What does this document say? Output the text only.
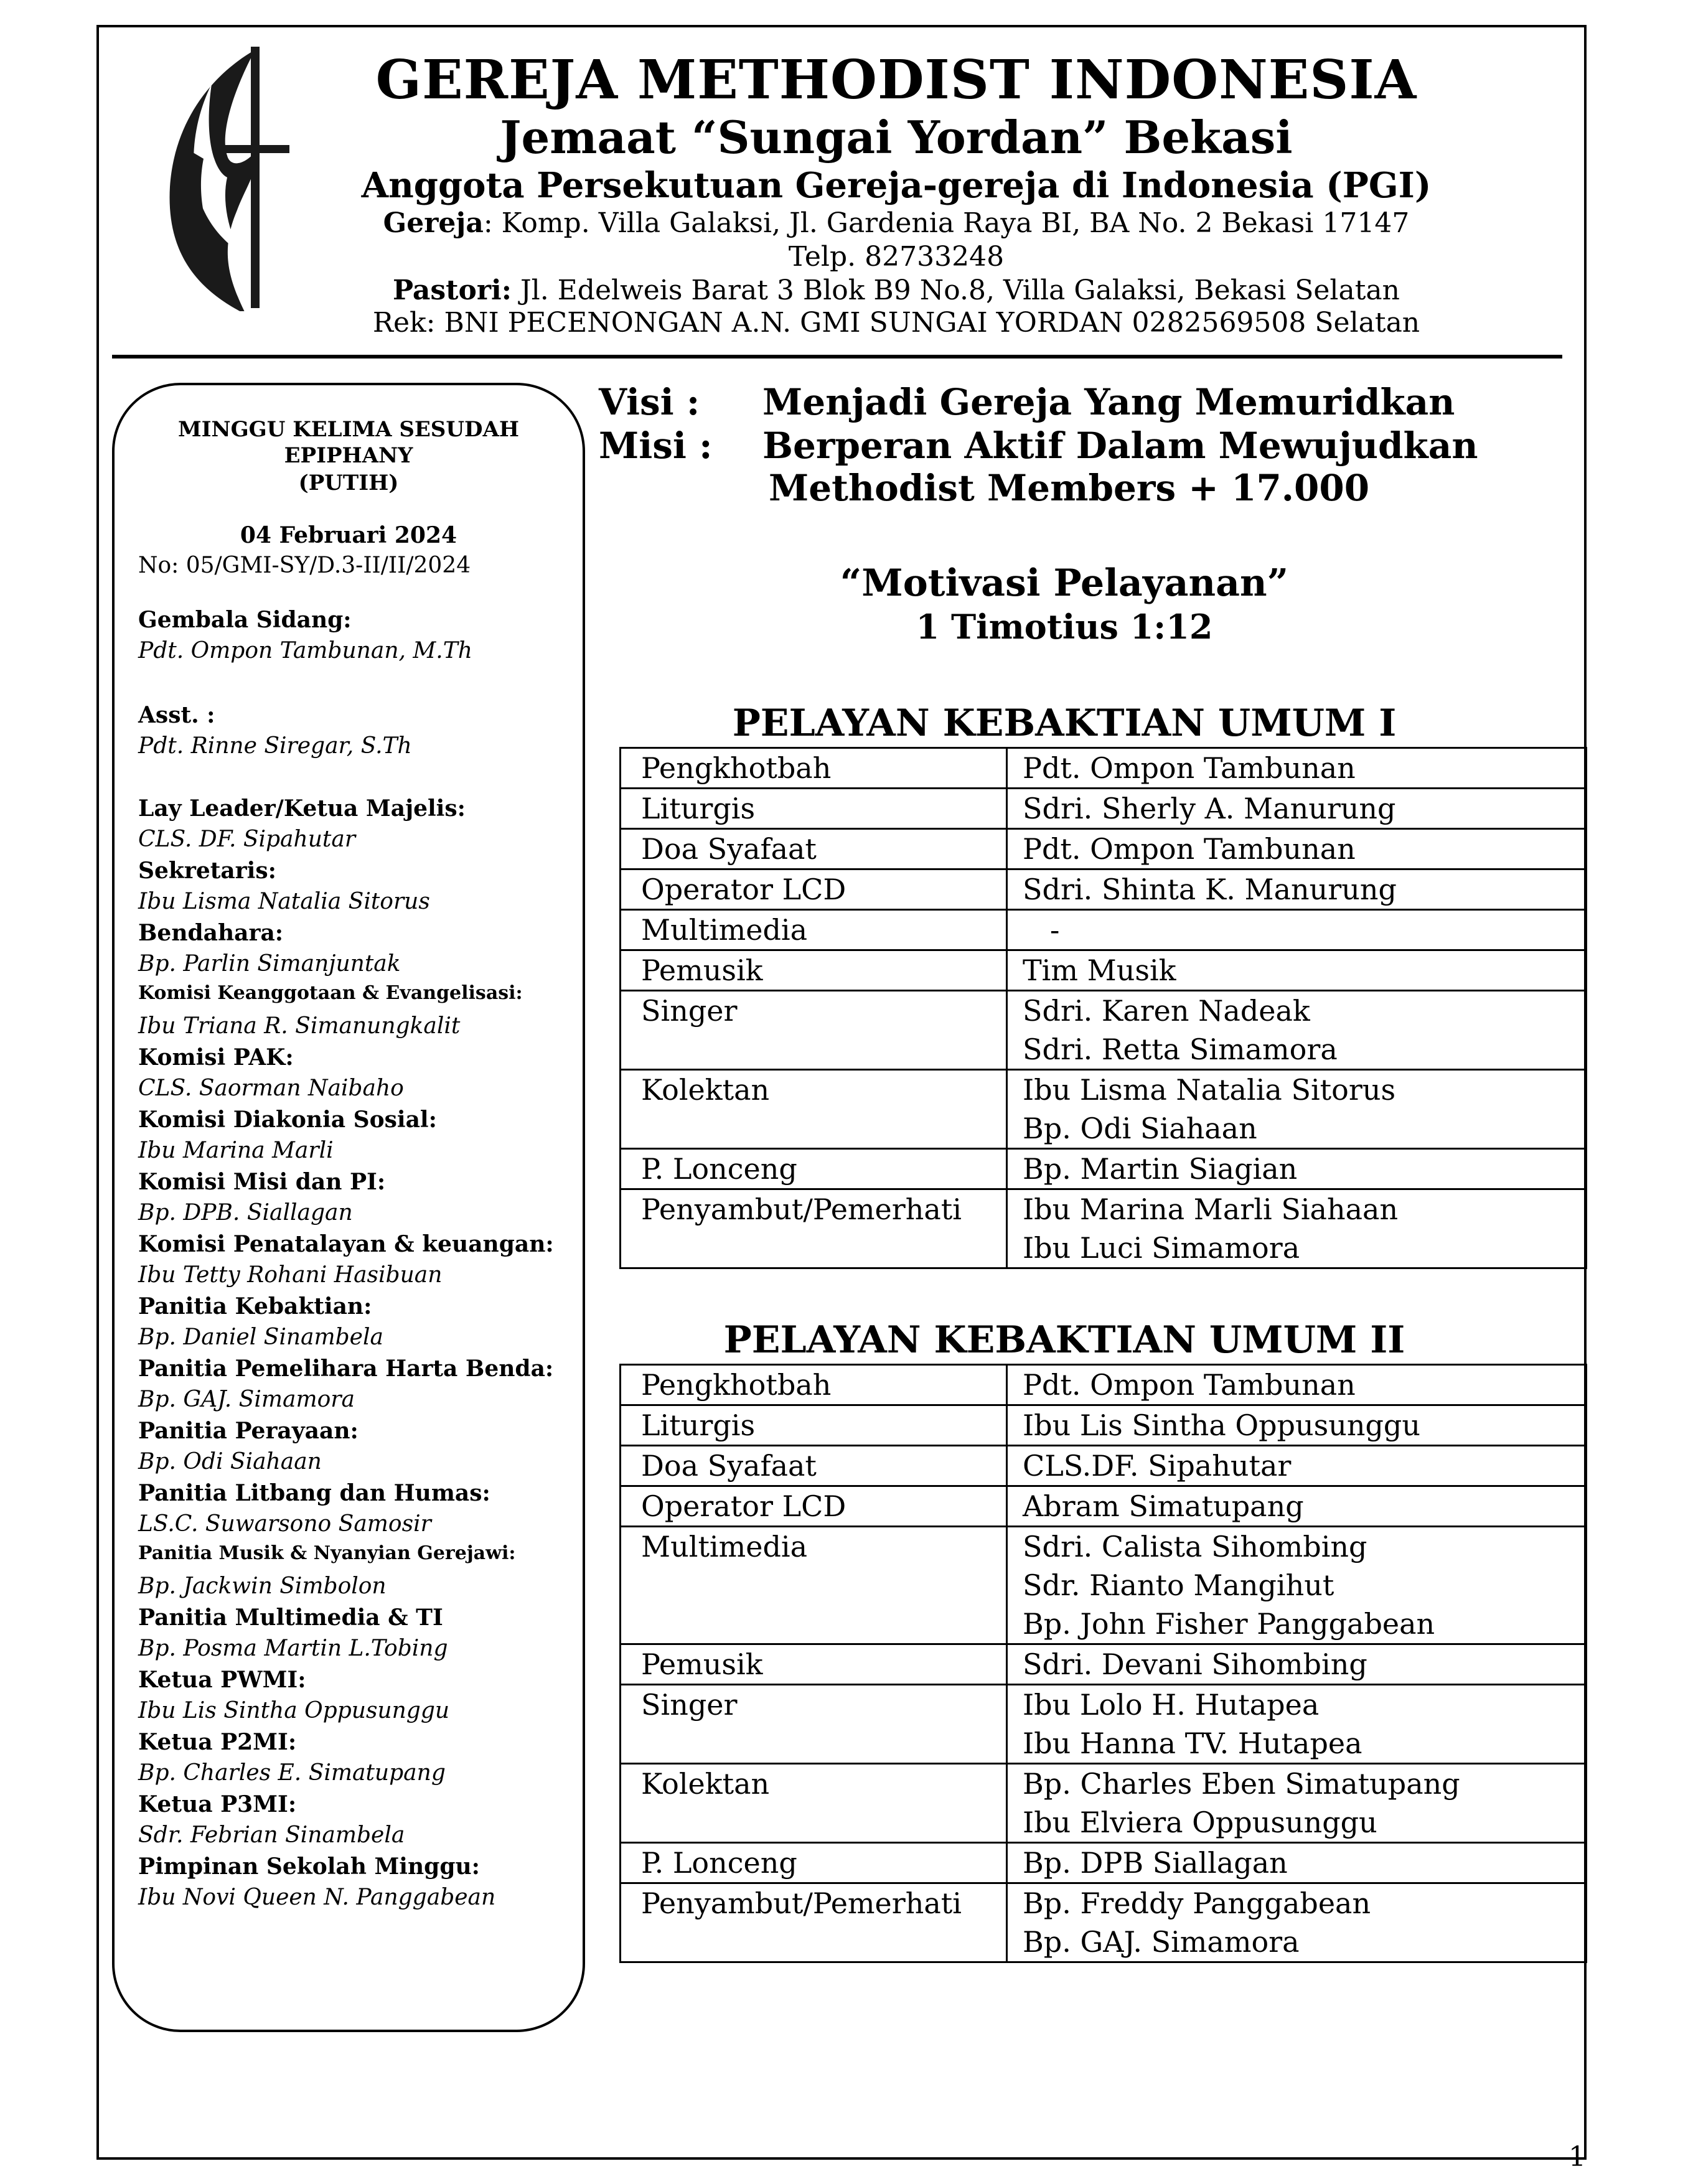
GEREJA METHODIST INDONESIA
Jemaat “Sungai Yordan” Bekasi
Anggota Persekutuan Gereja-gereja di Indonesia (PGI)
Gereja: Komp. Villa Galaksi, Jl. Gardenia Raya BI, BA No. 2 Bekasi 17147
Telp. 82733248
Pastori: Jl. Edelweis Barat 3 Blok B9 No.8, Villa Galaksi, Bekasi Selatan
Rek: BNI PECENONGAN A.N. GMI SUNGAI YORDAN 0282569508 Selatan
MINGGU KELIMA SESUDAH
EPIPHANY
(PUTIH)
04 Februari 2024
No: 05/GMI-SY/D.3-II/II/2024
Gembala Sidang:
Pdt. Ompon Tambunan, M.Th
Asst. :
Pdt. Rinne Siregar, S.Th
Lay Leader/Ketua Majelis:
CLS. DF. Sipahutar
Sekretaris:
Ibu Lisma Natalia Sitorus
Bendahara:
Bp. Parlin Simanjuntak
Komisi Keanggotaan & Evangelisasi:
Ibu Triana R. Simanungkalit
Komisi PAK:
CLS. Saorman Naibaho
Komisi Diakonia Sosial:
Ibu Marina Marli
Komisi Misi dan PI:
Bp. DPB. Siallagan
Komisi Penatalayan & keuangan:
Ibu Tetty Rohani Hasibuan
Panitia Kebaktian:
Bp. Daniel Sinambela
Panitia Pemelihara Harta Benda:
Bp. GAJ. Simamora
Panitia Perayaan:
Bp. Odi Siahaan
Panitia Litbang dan Humas:
LS.C. Suwarsono Samosir
Panitia Musik & Nyanyian Gerejawi:
Bp. Jackwin Simbolon
Panitia Multimedia & TI
Bp. Posma Martin L.Tobing
Ketua PWMI:
Ibu Lis Sintha Oppusunggu
Ketua P2MI:
Bp. Charles E. Simatupang
Ketua P3MI:
Sdr. Febrian Sinambela
Pimpinan Sekolah Minggu:
Ibu Novi Queen N. Panggabean
Visi : Menjadi Gereja Yang Memuridkan
Misi : Berperan Aktif Dalam Mewujudkan
Methodist Members + 17.000
“Motivasi Pelayanan”
1 Timotius 1:12
PELAYAN KEBAKTIAN UMUM I
Pengkhotbah	Pdt. Ompon Tambunan

Liturgis	Sdri. Sherly A. Manurung

Doa Syafaat	Pdt. Ompon Tambunan

Operator LCD	Sdri. Shinta K. Manurung

Multimedia	-

Pemusik	Tim Musik

Singer	Sdri. Karen Nadeak
Sdri. Retta Simamora

Kolektan	Ibu Lisma Natalia Sitorus
Bp. Odi Siahaan

P. Lonceng	Bp. Martin Siagian

Penyambut/Pemerhati	Ibu Marina Marli Siahaan
Ibu Luci Simamora
PELAYAN KEBAKTIAN UMUM II
Pengkhotbah	Pdt. Ompon Tambunan

Liturgis	Ibu Lis Sintha Oppusunggu

Doa Syafaat	CLS.DF. Sipahutar

Operator LCD	Abram Simatupang

Multimedia	Sdri. Calista Sihombing
Sdr. Rianto Mangihut
Bp. John Fisher Panggabean

Pemusik	Sdri. Devani Sihombing

Singer	Ibu Lolo H. Hutapea
Ibu Hanna TV. Hutapea

Kolektan	Bp. Charles Eben Simatupang
Ibu Elviera Oppusunggu

P. Lonceng	Bp. DPB Siallagan

Penyambut/Pemerhati	Bp. Freddy Panggabean
Bp. GAJ. Simamora
1
